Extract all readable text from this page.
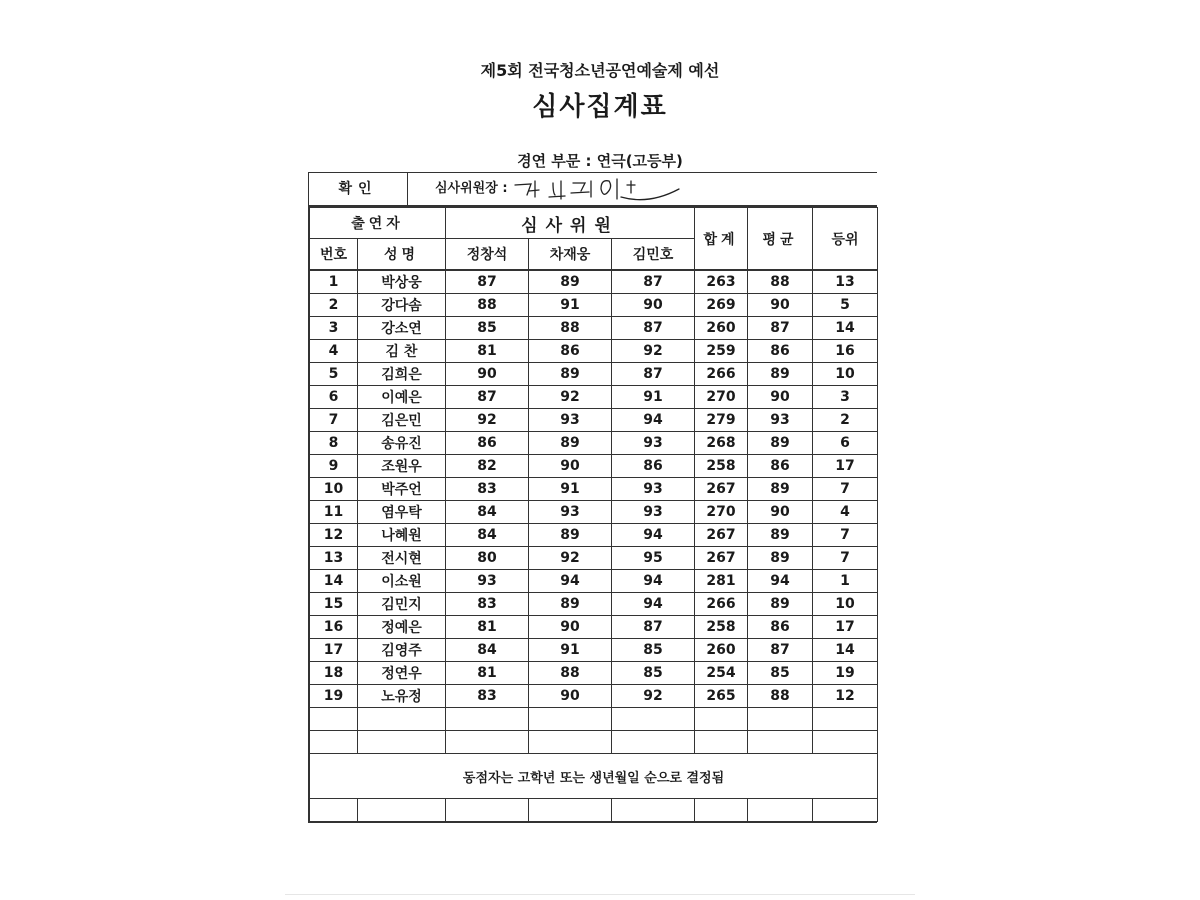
제5회 전국청소년공연예술제 예선
심사집계표
경연 부문 : 연극(고등부)
확인	심사위원장 :
출연자		심사위원			합계	평균	등위
번호	성명	정창석	차재웅	김민호			
1	박상웅	87	89	87	263	88	13
2	강다솜	88	91	90	269	90	5
3	강소연	85	88	87	260	87	14
4	김 찬	81	86	92	259	86	16
5	김희은	90	89	87	266	89	10
6	이예은	87	92	91	270	90	3
7	김은민	92	93	94	279	93	2
8	송유진	86	89	93	268	89	6
9	조원우	82	90	86	258	86	17
10	박주언	83	91	93	267	89	7
11	염우탁	84	93	93	270	90	4
12	나혜원	84	89	94	267	89	7
13	전시현	80	92	95	267	89	7
14	이소원	93	94	94	281	94	1
15	김민지	83	89	94	266	89	10
16	정예은	81	90	87	258	86	17
17	김영주	84	91	85	260	87	14
18	정연우	81	88	85	254	85	19
19	노유정	83	90	92	265	88	12

동점자는 고학년 또는 생년월일 순으로 결정됨							
